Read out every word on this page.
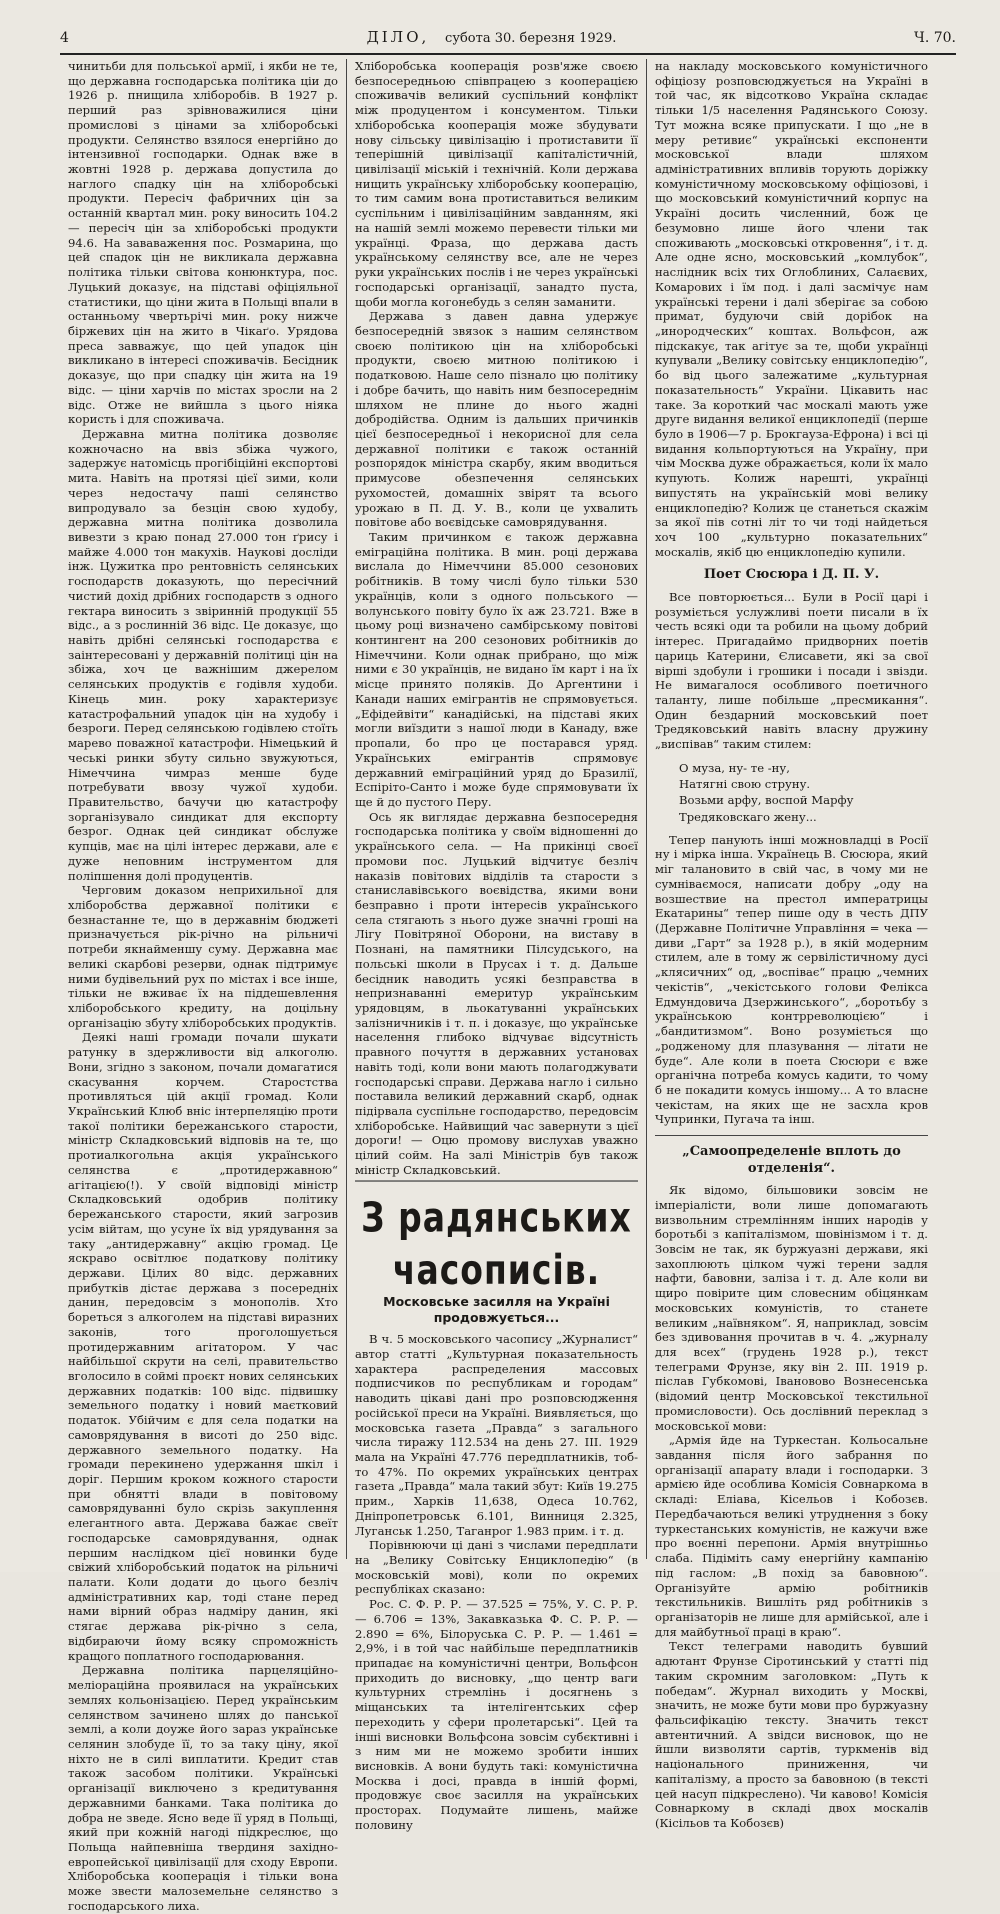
4	ДІЛО, субота 30. березня 1929.	Ч. 70.

чинитьби для польської армії, і якби не те, що державна господарська політика ціи до 1926 р. пнищила хліборобів. В 1927 р. перший раз зрівноважилися ціни промислові з цінами за хліборобські продукти. Селянство взялося енергійно до інтензивної господарки. Однак вже в жовтні 1928 р. держава допустила до наглого спадку цін на хліборобські продукти. Пересіч фабричних цін за останній квартал мин. року виносить 104.2 — пересіч цін за хліборобські продукти 94.6. На зававаження пос. Розмарина, що цей спадок цін не викликала державна політика тільки світова конюнктура, пос. Луцький доказує, на підставі офіціяльної статистики, що ціни жита в Польщі впали в останньому чвертьрічі мин. року нижче біржевих цін на жито в Чікаґо. Урядова преса завважує, що цей упадок цін викликано в інтересі споживачів. Бесідник доказує, що при спадку цін жита на 19 відс. — ціни харчів по містах зросли на 2 відс. Отже не вийшла з цього ніяка користь і для споживача.

Державна митна політика дозволяє кожночасно на ввіз збіжа чужого, задержує натомісць прогібіційні експортові мита. Навіть на протязі цієї зими, коли через недостачу паші селянство випродувало за безцін свою худобу, державна митна політика дозволила вивезти з краю понад 27.000 тон ґрису і майже 4.000 тон макухів. Наукові досліди інж. Цужитка про рентовність селянських господарств доказують, що пересічний чистий дохід дрібних господарств з одного гектара виносить з звіринній продукції 55 відс., а з рослинній 36 відс. Це доказує, що навіть дрібні селянські господарства є заінтересовані у державній політиці цін на збіжа, хоч це важнішим джерелом селянських продуктів є годівля худоби. Кінець мин. року характеризує катастрофальний упадок цін на худобу і безроги. Перед селянською годівлею стоїть марево поважної катастрофи. Німецький й чеські ринки збуту сильно звужуються, Німеччина чимраз менше буде потребувати ввозу чужої худоби. Правительство, бачучи цю катастрофу зорганізувало синдикат для експорту безрог. Однак цей синдикат обслуже купців, має на цілі інтерес держави, але є дуже неповним інструментом для поліпшення долі продуцентів.

Черговим доказом неприхильної для хліборобства державної політики є безнастанне те, що в державнім бюджеті призначується рік-річно на рільничі потреби якнайменшу суму. Державна має великі скарбові резерви, однак підтримує ними будівельний рух по містах і все інше, тільки не вживає їх на піддешевлення хліборобського кредиту, на доцільну організацію збуту хліборобських продуктів.

Деякі наші громади почали шукати ратунку в здержливости від алкоголю. Вони, згідно з законом, почали домагатися скасування корчем. Старостства противляться цій акції громад. Коли Український Клюб вніс інтерпеляцію проти такої політики бережанського старости, міністр Складковський відповів на те, що протиалкогольна акція українського селянства є „протидержавною“ агітацією(!). У своїй відповіді міністр Складковський одобрив політику бережанського старости, який загрозив усім війтам, що усуне їх від урядування за таку „антидержавну“ акцію громад. Це яскраво освітлює податкову політику держави. Цілих 80 відс. державних прибутків дістає держава з посередніх данин, передовсім з монополів. Хто бореться з алкоголем на підставі виразних законів, того проголошується протидержавним агітатором. У час найбільшої скрути на селі, правительство вголосило в соймі проєкт нових селянських державних податків: 100 відс. підвишку земельного податку і новий маєтковий податок. Убійчим є для села податки на самоврядування в висоті до 250 відс. державного земельного податку. На громади перекинено удержання шкіл і доріг. Першим кроком кожного старости при обнятті влади в повітовому самоврядуванні було скрізь закуплення елегантного авта. Держава бажає свеїт господарське самоврядування, однак першим наслідком цієї новинки буде свіжий хліборобський податок на рільничі палати. Коли додати до цього безліч адміністративних кар, тоді стане перед нами вірний образ надміру данин, які стягає держава рік-річно з села, відбираючи йому всяку спроможність кращого поплатного господарювання.

Державна політика парцеляційно-меліораційна проявилася на українських землях кольонізацією. Перед українським селянством зачинено шлях до панської землі, а коли доуже його зараз українське селянин злобуде її, то за таку ціну, якої ніхто не в силі виплатити. Кредит став також засобом політики. Українські організації виключено з кредитування державними банками. Така політика до добра не зведе. Ясно веде її уряд в Польщі, який при кожній нагоді підкреслює, що Польща найпевніша твердиня західно-европейської цивілізації для сходу Европи. Хліборобська кооперація і тільки вона може звести малоземельне селянство з господарського лиха.

Хліборобська кооперація розв'яже своєю безпосередньою співпрацею з кооперацією споживачів великий суспільний конфлікт між продуцентом і консументом. Тільки хліборобська кооперація може збудувати нову сільську цивілізацію і протиставити її теперішній цивілізації капіталістичній, цивілізації міській і технічній. Коли держава нищить українську хліборобську кооперацію, то тим самим вона протиставиться великим суспільним і цивілізаційним завданням, які на нашій землі можемо перевести тільки ми українці. Фраза, що держава дасть українському селянству все, але не через руки українських послів і не через українські господарські організації, занадто пуста, щоби могла когонебудь з селян заманити.

Держава з давен давна удержує безпосередній звязок з нашим селянством своєю політикою цін на хліборобські продукти, своєю митною політикою і податковою. Наше село пізнало цю політику і добре бачить, що навіть ним безпосереднім шляхом не плине до нього жадні добродійства. Одним із дальших причинків цієї безпосередньої і некорисної для села державної політики є також останній розпорядок міністра скарбу, яким вводиться примусове обезпечення селянських рухомостей, домашніх звірят та всього урожаю в П. Д. У. В., коли це ухвалить повітове або воєвідське самоврядування.

Таким причинком є також державна еміграційна політика. В мин. році держава вислала до Німеччини 85.000 сезонових робітників. В тому числі було тільки 530 українців, коли з одного польського — волунського повіту було їх аж 23.721. Вже в цьому році визначено самбірському повітові контингент на 200 сезонових робітників до Німеччини. Коли однак прибрано, що між ними є 30 українців, не видано їм карт і на їх місце принято поляків. До Аргентини і Канади наших емігрантів не спрямовується. „Ефідейвіти“ канадійські, на підставі яких могли виїздити з нашої люди в Канаду, вже пропали, бо про це постарався уряд. Українських емігрантів спрямовує державний еміграційний уряд до Бразилії, Еспіріто-Санто і може буде спрямовувати їх ще й до пустого Перу.

Ось як виглядає державна безпосередня господарська політика у своїм відношенні до українського села. — На прикінці своєї промови пос. Луцький відчитує безліч наказів повітових відділів та старости з станиславівського воєвідства, якими вони безправно і проти інтересів українського села стягають з нього дуже значні гроші на Лігу Повітряної Оборони, на виставу в Познані, на памятники Пілсудського, на польські школи в Прусах і т. д. Дальше бесідник наводить усякі безправства в непризнаванні емеритур українським урядовцям, в льокатуванні українських залізничників і т. п. і доказує, що українське населення глибоко відчуває відсутність правного почуття в державних установах навіть тоді, коли вони мають полагоджувати господарські справи. Держава нагло і сильно поставила великий державний скарб, однак підірвала суспільне господарство, передовсім хліборобське. Найвищий час завернути з цієї дороги! — Оцю промову вислухав уважно цілий сойм. На залі Міністрів був також міністр Складковський.

З радянських часописів.
Московське засилля на Україні продовжується...

В ч. 5 московського часопису „Журналист“ автор статті „Культурная показательность характера распределения массовых подписчиков по республикам и городам“ наводить цікаві дані про розповсюдження російської преси на Україні. Виявляється, що московська газета „Правда“ з загального числа тиражу 112.534 на день 27. III. 1929 мала на Україні 47.776 передплатників, тоб-то 47%. По окремих українських центрах газета „Правда“ мала такий збут: Київ 19.275 прим., Харків 11,638, Одеса 10.762, Дніпропетровськ 6.101, Винниця 2.325, Луганськ 1.250, Таганрог 1.983 прим. і т. д.

Порівнюючи ці дані з числами передплати на „Велику Совітську Енциклопедію“ (в московській мові), коли по окремих республіках сказано:

Рос. С. Ф. Р. Р. — 37.525 = 75%, У. С. Р. Р. — 6.706 = 13%, Закавказька Ф. С. Р. Р. — 2.890 = 6%, Білоруська С. Р. Р. — 1.461 = 2,9%, і в той час найбільше передплатників припадає на комуністичні центри, Вольфсон приходить до висновку, „що центр ваги культурних стремлінь і досягнень з міщанських та інтелігентських сфер переходить у сфери пролетарські“. Цей та інші висновки Вольфсона зовсім субєктивні і з ним ми не можемо зробити інших висновків. А вони будуть такі: комуністична Москва і досі, правда в іншій формі, продовжує своє засилля на українських просторах. Подумайте лишень, майже половину

на накладу московського комуністичного офіціозу розповсюджується на Україні в той час, як відсотково Україна складає тільки 1/5 населення Радянського Союзу. Тут можна всяке припускати. І що „не в меру ретивиє“ українські експоненти московської влади шляхом адміністративних впливів торують доріжку комуністичному московському офіціозові, і що московський комуністичний корпус на Україні досить численний, бож це безумовно лише його члени так споживають „московські откровення“, і т. д. Але одне ясно, московський „комлубок“, наслідник всіх тих Оглоблиних, Салаєвих, Комарових і їм под. і далі засмічує нам українські терени і далі зберігає за собою примат, будуючи свій дорібок на „инородческих“ коштах. Вольфсон, аж підскакує, так агітує за те, щоби українці купували „Велику совітську енциклопедію“, бо від цього залежатиме „культурная показательность“ України. Цікавить нас таке. За короткий час москалі мають уже друге видання великої енциклопедії (перше було в 1906—7 р. Брокгауза-Ефрона) і всі ці видання кольпортуються на Україну, при чім Москва дуже ображається, коли їх мало купують. Колиж нарешті, українці випустять на українській мові велику енциклопедію? Колиж це станеться скажім за якої пів сотні літ то чи тоді найдеться хоч 100 „культурно показательних“ москалів, якіб цю енциклопедію купили.

Поет Сюсюра і Д. П. У.

Все повторюється... Були в Росії царі і розуміється услужливі поети писали в їх честь всякі оди та робили на цьому добрий інтерес. Пригадаймо придворних поетів цариць Катерини, Єлисавети, які за свої вірші здобули і грошики і посади і звізди. Не вимагалося особливого поетичного таланту, лише побільше „пресмикання“. Один бездарний московський поет Тредяковський навіть власну дружину „виспівав“ таким стилем:

О муза, ну- те -ну,
Натягні свою струну.
Возьми арфу, воспой Марфу
Тредяковскаго жену...

Тепер панують інші можновладці в Росії ну і мірка інша. Українець В. Сюсюра, який міг талановито в свій час, в чому ми не сумніваємося, написати добру „оду на возшествие на престол императрицы Екатарины“ тепер пише оду в честь ДПУ (Державне Політичне Управління = чека — диви „Гарт“ за 1928 р.), в якій модерним стилем, але в тому ж сервілістичному дусі „клясичних“ од, „воспіває“ працю „чемних чекістів“, „чекістського голови Фелікса Едмундовича Дзержинського“, „боротьбу з українською контрреволюцією“ і „бандитизмом“. Воно розуміється що „родженому для плазування — літати не буде“. Але коли в поета Сюсюри є вже органічна потреба комусь кадити, то чому б не покадити комусь іншому... А то власне чекістам, на яких ще не засхла кров Чупринки, Пугача та інш.

„Самоопределеніе вплоть до отделенія“.

Як відомо, більшовики зовсім не імперіалісти, воли лише допомагають визвольним стремлінням інших народів у боротьбі з капіталізмом, шовінізмом і т. д. Зовсім не так, як буржуазні держави, які захоплюють цілком чужі терени задля нафти, бавовни, заліза і т. д. Але коли ви щиро повірите цим словесним обіцянкам московських комуністів, то станете великим „наївняком“. Я, наприклад, зовсім без здивовання прочитав в ч. 4. „журналу для всех“ (грудень 1928 р.), текст телеграми Фрунзе, яку він 2. III. 1919 р. післав Губкомові, Івановово Вознесенська (відомий центр Московської текстильної промисловости). Ось дослівний переклад з московської мови:

„Армія йде на Туркестан. Кольосальне завдання після його забрання по організації апарату влади і господарки. З армією йде особлива Комісія Совнаркома в складі: Еліава, Кісельов і Кобозєв. Передбачаються великі утруднення з боку туркестанських комуністів, не кажучи вже про воєнні перепони. Армія внутрішньо слаба. Підіміть саму енергійну кампанію під гаслом: „В похід за бавовною“. Організуйте армію робітників текстильників. Вишліть ряд робітників з організаторів не лише для армійської, але і для майбутньої праці в краю“.

Текст телеграми наводить бувший адютант Фрунзе Сіротинський у статті під таким скромним заголовком: „Путь к победам“. Журнал виходить у Москві, значить, не може бути мови про буржуазну фальсифікацію тексту. Значить текст автентичний. А звідси висновок, що не йшли визволяти сартів, туркменів від національного приниження, чи капіталізму, а просто за бавовною (в тексті цей насуп підкреслено). Чи кавово! Комісія Совнаркому в складі двох москалів (Кісільов та Кобозєв)
